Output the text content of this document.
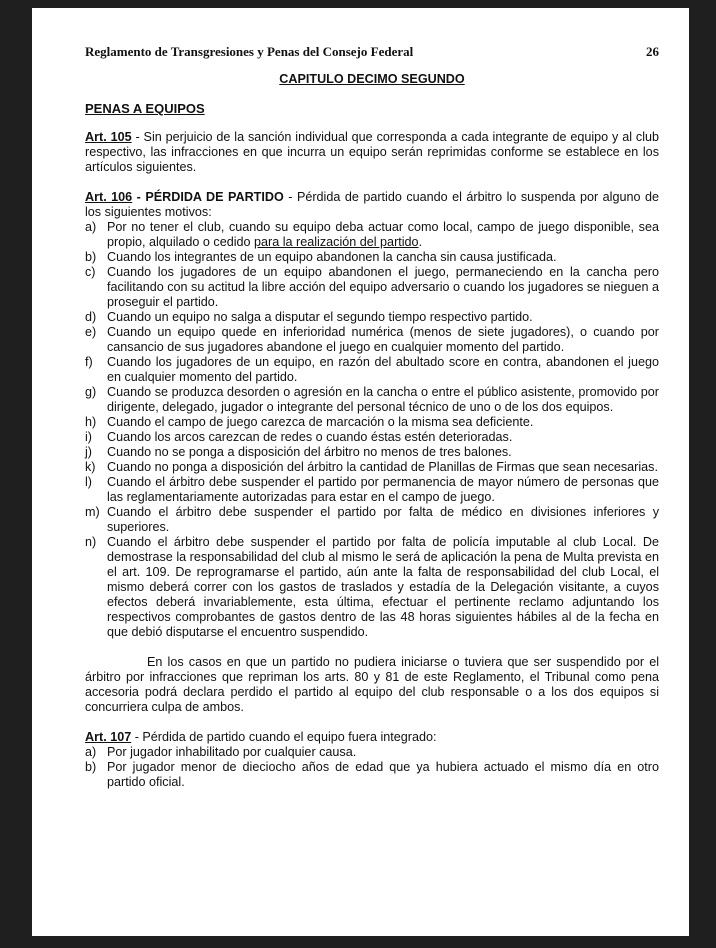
Reglamento de Transgresiones y Penas del Consejo Federal	26
CAPITULO DECIMO SEGUNDO
PENAS A EQUIPOS

Art. 105 - Sin perjuicio de la sanción individual que corresponda a cada integrante de equipo y al club respectivo, las infracciones en que incurra un equipo serán reprimidas conforme se establece en los artículos siguientes.

Art. 106 - PÉRDIDA DE PARTIDO - Pérdida de partido cuando el árbitro lo suspenda por alguno de los siguientes motivos:
a) Por no tener el club, cuando su equipo deba actuar como local, campo de juego disponible, sea propio, alquilado o cedido para la realización del partido.
b) Cuando los integrantes de un equipo abandonen la cancha sin causa justificada.
c) Cuando los jugadores de un equipo abandonen el juego, permaneciendo en la cancha pero facilitando con su actitud la libre acción del equipo adversario o cuando los jugadores se nieguen a proseguir el partido.
d) Cuando un equipo no salga a disputar el segundo tiempo respectivo partido.
e) Cuando un equipo quede en inferioridad numérica (menos de siete jugadores), o cuando por cansancio de sus jugadores abandone el juego en cualquier momento del partido.
f)	Cuando los jugadores de un equipo, en razón del abultado score en contra, abandonen el juego en cualquier momento del partido.
g) Cuando se produzca desorden o agresión en la cancha o entre el público asistente, promovido por dirigente, delegado, jugador o integrante del personal técnico de uno o de los dos equipos.
h) Cuando el campo de juego carezca de marcación o la misma sea deficiente.
i)	Cuando los arcos carezcan de redes o cuando éstas estén deterioradas.
j)	Cuando no se ponga a disposición del árbitro no menos de tres balones.
k) Cuando no ponga a disposición del árbitro la cantidad de Planillas de Firmas que sean necesarias.
l)	Cuando el árbitro debe suspender el partido por permanencia de mayor número de personas que las reglamentariamente autorizadas para estar en el campo de juego.
m) Cuando el árbitro debe suspender el partido por falta de médico en divisiones inferiores y superiores.
n) Cuando el árbitro debe suspender el partido por falta de policía imputable al club Local. De demostrase la responsabilidad del club al mismo le será de aplicación la pena de Multa prevista en el art. 109. De reprogramarse el partido, aún ante la falta de responsabilidad del club Local, el mismo deberá correr con los gastos de traslados y estadía de la Delegación visitante, a cuyos efectos deberá invariablemente, esta última, efectuar el pertinente reclamo adjuntando los respectivos comprobantes de gastos dentro de las 48 horas siguientes hábiles al de la fecha en que debió disputarse el encuentro suspendido.

En los casos en que un partido no pudiera iniciarse o tuviera que ser suspendido por el árbitro por infracciones que repriman los arts. 80 y 81 de este Reglamento, el Tribunal como pena accesoria podrá declara perdido el partido al equipo del club responsable o a los dos equipos si concurriera culpa de ambos.

Art. 107 - Pérdida de partido cuando el equipo fuera integrado:
a) Por jugador inhabilitado por cualquier causa.
b) Por jugador menor de dieciocho años de edad que ya hubiera actuado el mismo día en otro partido oficial.
